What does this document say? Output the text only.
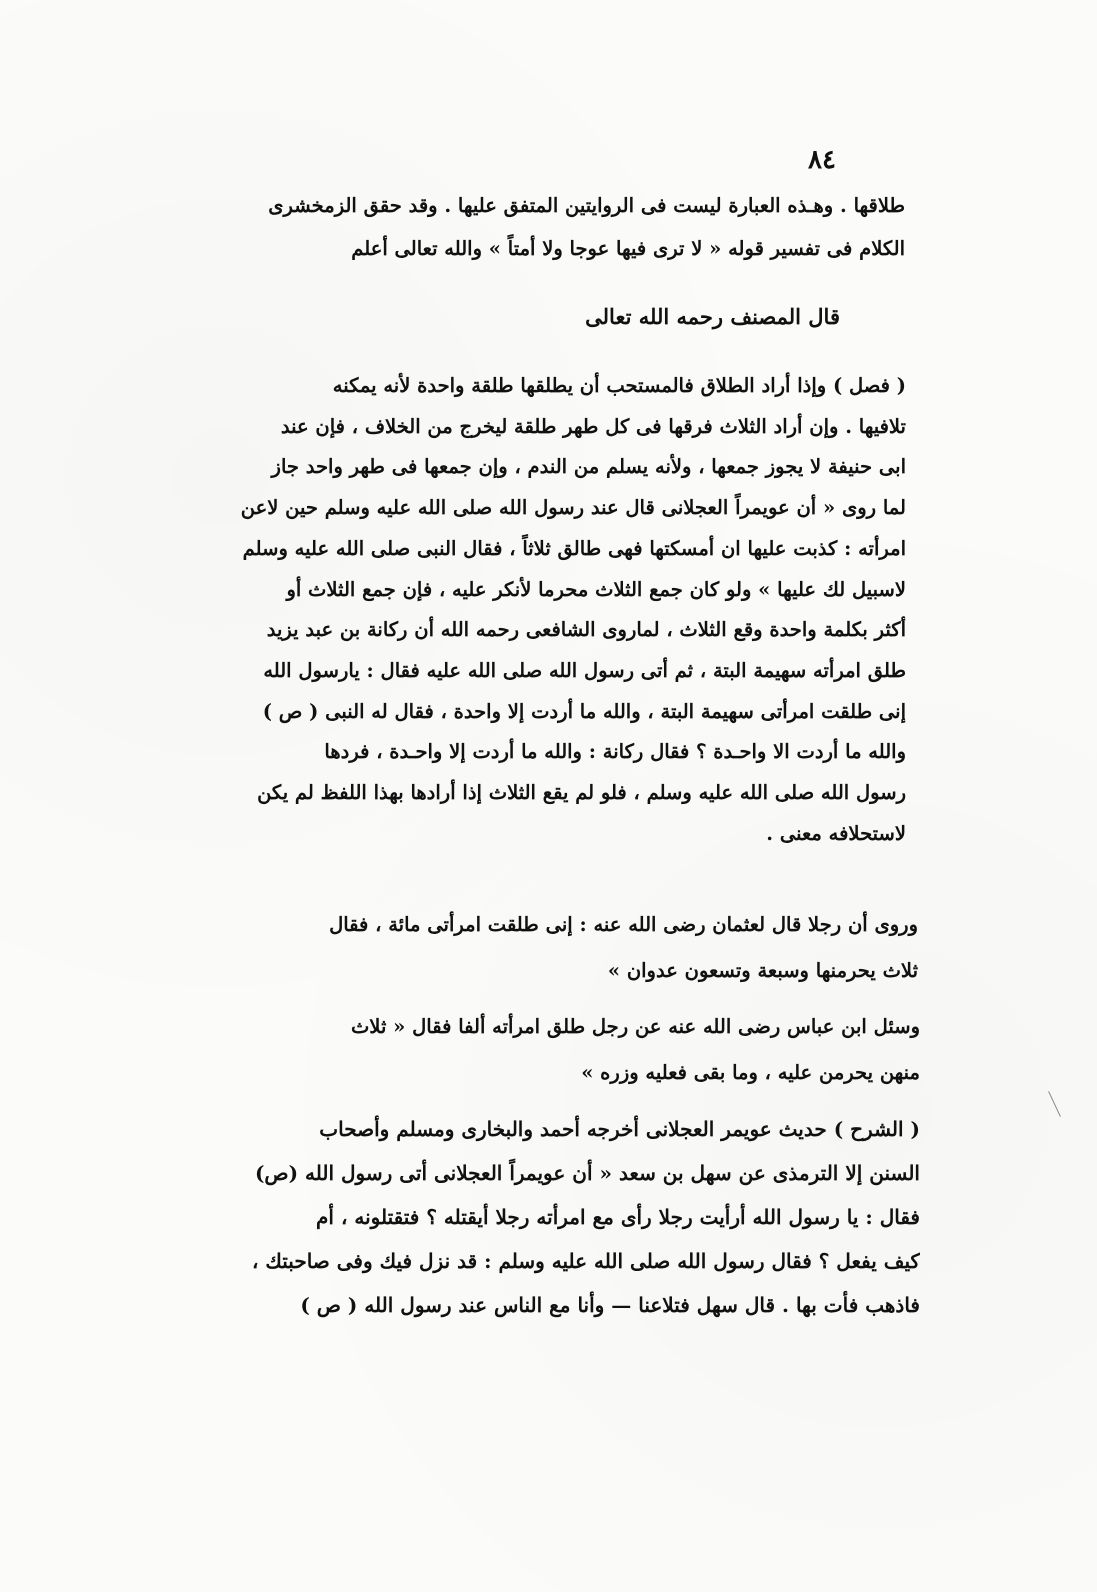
٨٤
طلاقها . وهـذه العبارة ليست فى الروايتين المتفق عليها . وقد حقق الزمخشرى
الكلام فى تفسير قوله « لا ترى فيها عوجا ولا أمتاً » والله تعالى أعلم
قال المصنف رحمه الله تعالى
( فصل ) وإذا أراد الطلاق فالمستحب أن يطلقها طلقة واحدة لأنه يمكنه
تلافيها . وإن أراد الثلاث فرقها فى كل طهر طلقة ليخرج من الخلاف ، فإن عند
ابى حنيفة لا يجوز جمعها ، ولأنه يسلم من الندم ، وإن جمعها فى طهر واحد جاز
لما روى « أن عويمراً العجلانى قال عند رسول الله صلى الله عليه وسلم حين لاعن
امرأته : كذبت عليها ان أمسكتها فهى طالق ثلاثاً ، فقال النبى صلى الله عليه وسلم
لاسبيل لك عليها » ولو كان جمع الثلاث محرما لأنكر عليه ، فإن جمع الثلاث أو
أكثر بكلمة واحدة وقع الثلاث ، لماروى الشافعى رحمه الله أن ركانة بن عبد يزيد
طلق امرأته سهيمة البتة ، ثم أتى رسول الله صلى الله عليه فقال : يارسول الله
إنى طلقت امرأتى سهيمة البتة ، والله ما أردت إلا واحدة ، فقال له النبى ( ص )
والله ما أردت الا واحـدة ؟ فقال ركانة : والله ما أردت إلا واحـدة ، فردها
رسول الله صلى الله عليه وسلم ، فلو لم يقع الثلاث إذا أرادها بهذا اللفظ لم يكن
لاستحلافه معنى .
وروى أن رجلا قال لعثمان رضى الله عنه : إنى طلقت امرأتى مائة ، فقال
ثلاث يحرمنها وسبعة وتسعون عدوان »
وسئل ابن عباس رضى الله عنه عن رجل طلق امرأته ألفا فقال « ثلاث
منهن يحرمن عليه ، وما بقى فعليه وزره »
( الشرح ) حديث عويمر العجلانى أخرجه أحمد والبخارى ومسلم وأصحاب
السنن إلا الترمذى عن سهل بن سعد « أن عويمراً العجلانى أتى رسول الله (ص)
فقال : يا رسول الله أرأيت رجلا رأى مع امرأته رجلا أيقتله ؟ فتقتلونه ، أم
كيف يفعل ؟ فقال رسول الله صلى الله عليه وسلم : قد نزل فيك وفى صاحبتك ،
فاذهب فأت بها . قال سهل فتلاعنا — وأنا مع الناس عند رسول الله ( ص )
